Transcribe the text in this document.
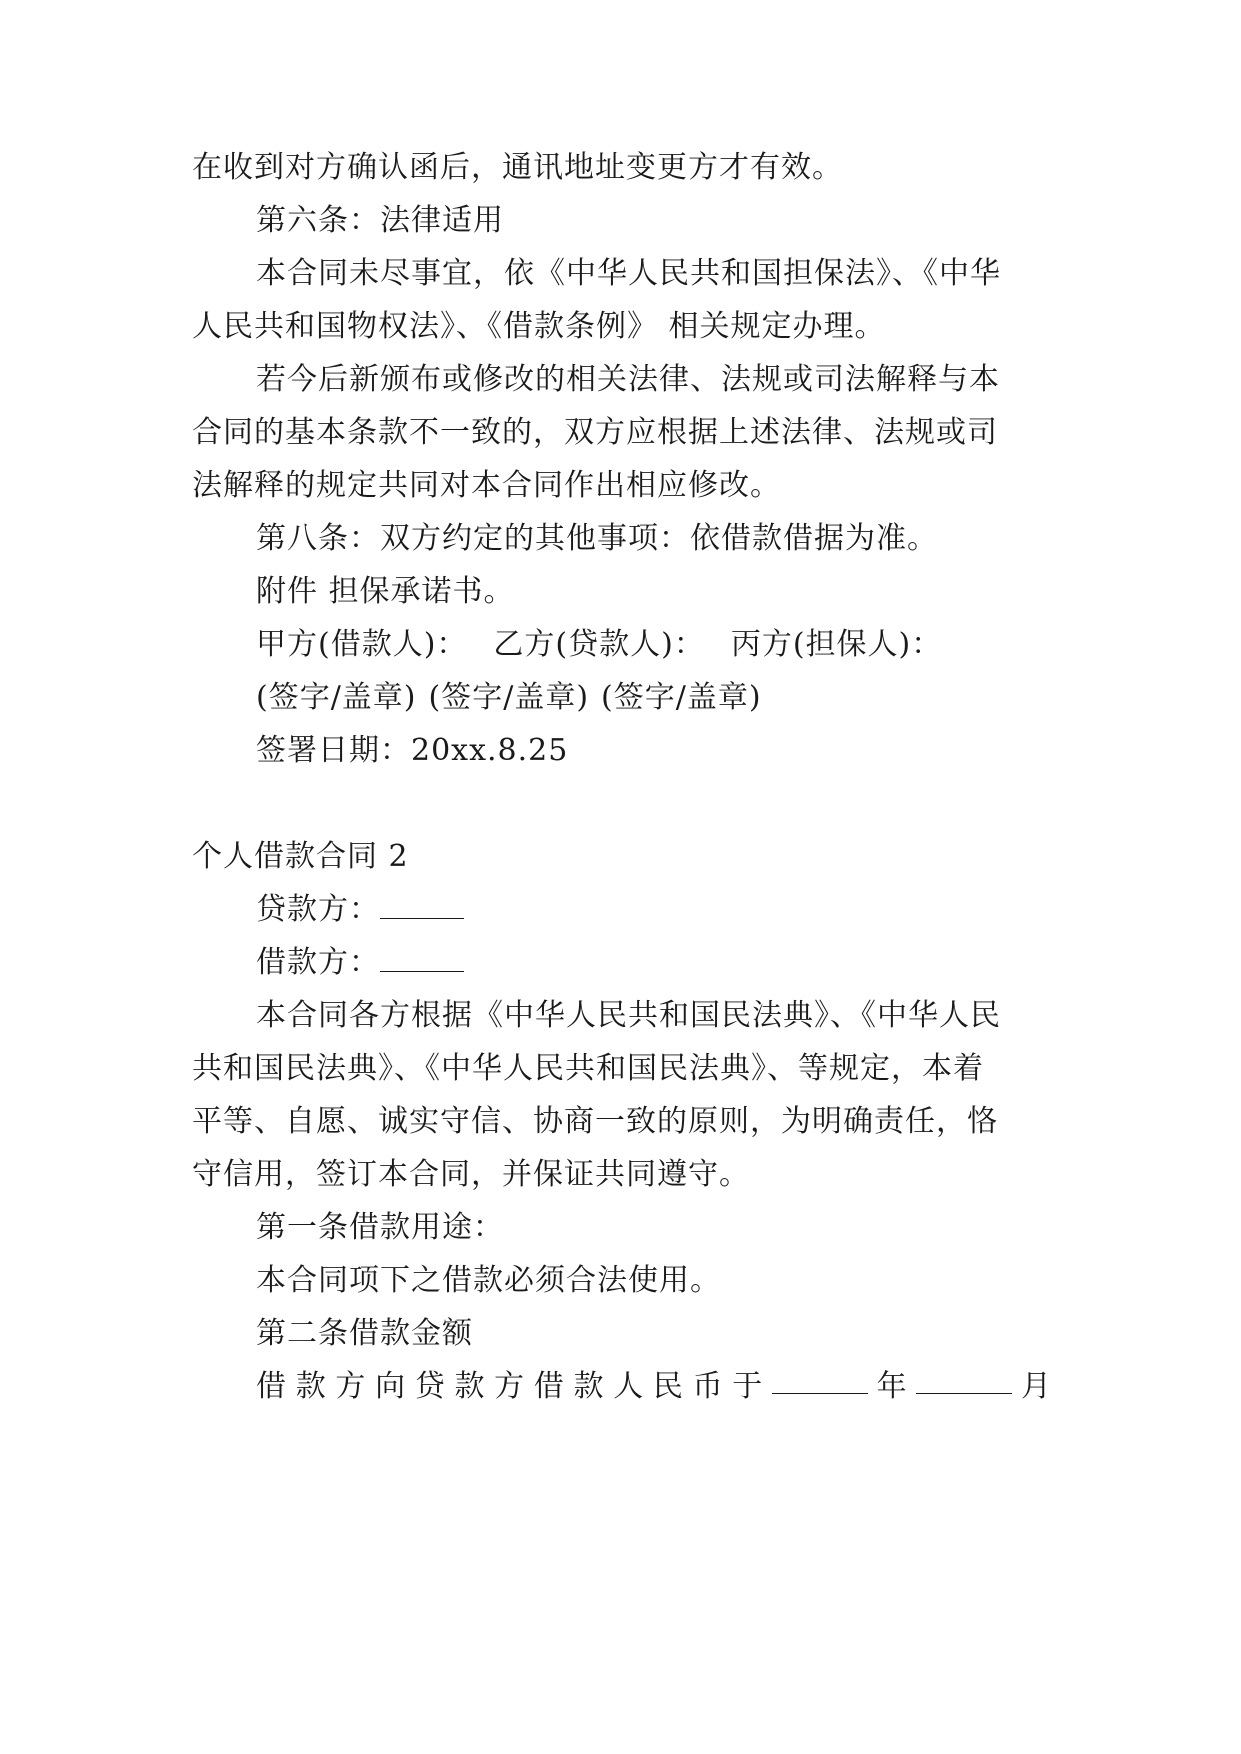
在收到对方确认函后，通讯地址变更方才有效。
第六条：法律适用
本合同未尽事宜，依《中华人民共和国担保法》、《中华
人民共和国物权法》、《借款条例》 相关规定办理。
若今后新颁布或修改的相关法律、法规或司法解释与本
合同的基本条款不一致的，双方应根据上述法律、法规或司
法解释的规定共同对本合同作出相应修改。
第八条：双方约定的其他事项：依借款借据为准。
附件 担保承诺书。
甲方(借款人)： 乙方(贷款人)： 丙方(担保人)：
(签字/盖章) (签字/盖章) (签字/盖章)
签署日期：20xx.8.25
个人借款合同 2
贷款方：
借款方：
本合同各方根据《中华人民共和国民法典》、《中华人民
共和国民法典》、《中华人民共和国民法典》、等规定，本着
平等、自愿、诚实守信、协商一致的原则，为明确责任，恪
守信用，签订本合同，并保证共同遵守。
第一条借款用途：
本合同项下之借款必须合法使用。
第二条借款金额
借 款 方 向 贷 款 方 借 款 人 民 币 于	年	月
